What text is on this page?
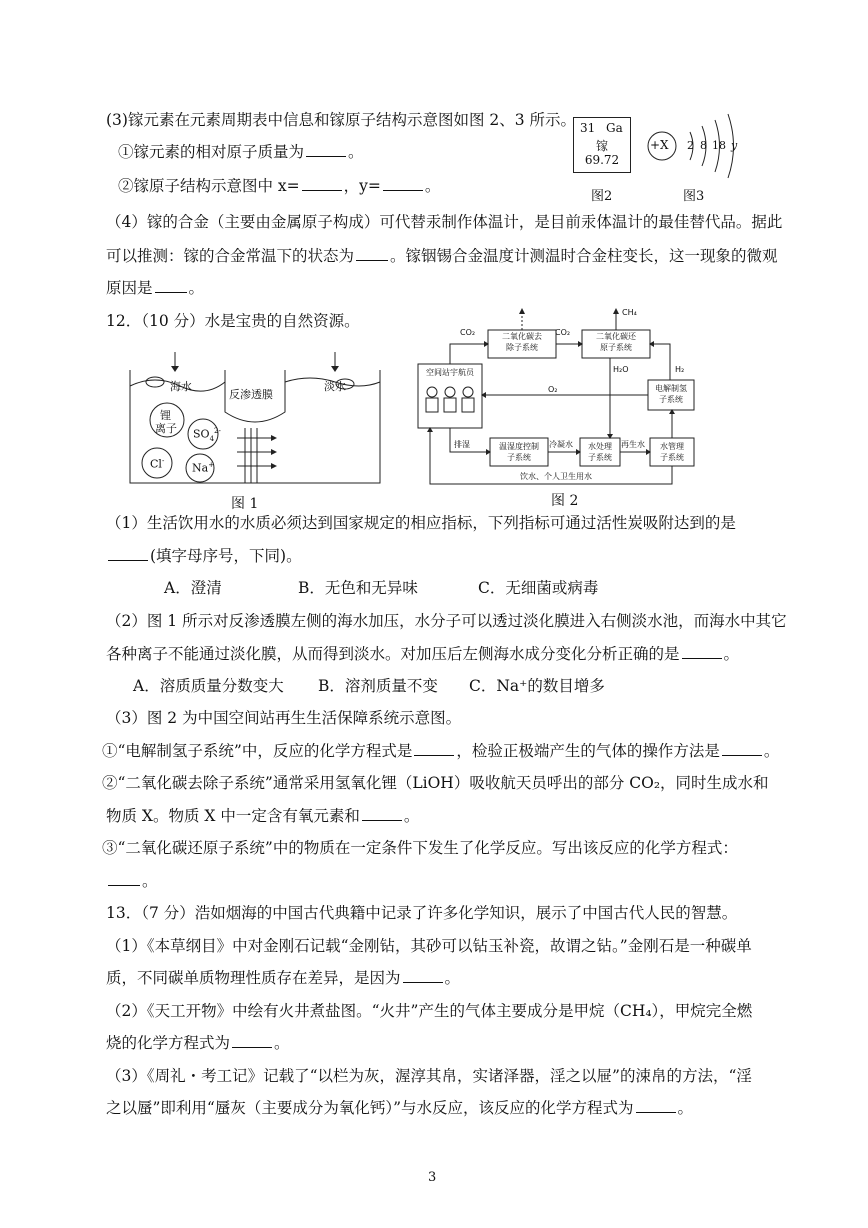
(3)镓元素在元素周期表中信息和镓原子结构示意图如图 2、3 所示。
①镓元素的相对原子质量为	。
②镓原子结构示意图中 x=	，y=	。
31 Ga
镓
69.72
图2
+X 2 8 18 y
图3
（4）镓的合金（主要由金属原子构成）可代替汞制作体温计，是目前汞体温计的最佳替代品。据此
可以推测：镓的合金常温下的状态为 。镓铟锡合金温度计测温时合金柱变长，这一现象的微观
原因是 。
12．（10 分）水是宝贵的自然资源。
海水
反渗透膜
淡水
锂
离子 $SO_4^{2-}$
Cl-
Na+
图 1
CO₂	CO₂
CH₄
二氧化碳去
除子系统
二氧化碳还
原子系统
空间站宇航员
O₂
H₂O	H₂
电解制氢
子系统
排湿	温湿度控制
子系统
冷凝水	水处理
子系统
再生水	水管理
子系统
饮水、个人卫生用水
图 2
（1）生活饮用水的水质必须达到国家规定的相应指标，下列指标可通过活性炭吸附达到的是
(填字母序号，下同)。
A．澄清	B．无色和无异味	C．无细菌或病毒
（2）图 1 所示对反渗透膜左侧的海水加压，水分子可以透过淡化膜进入右侧淡水池，而海水中其它
各种离子不能通过淡化膜，从而得到淡水。对加压后左侧海水成分变化分析正确的是	。
A．溶质质量分数变大 B．溶剂质量不变 C．Na⁺的数目增多
（3）图 2 为中国空间站再生生活保障系统示意图。
①“电解制氢子系统”中，反应的化学方程式是	，检验正极端产生的气体的操作方法是	。
②“二氧化碳去除子系统”通常采用氢氧化锂（LiOH）吸收航天员呼出的部分 CO₂，同时生成水和
物质 X。物质 X 中一定含有氧元素和	。
③“二氧化碳还原子系统”中的物质在一定条件下发生了化学反应。写出该反应的化学方程式：
。
13．（7 分）浩如烟海的中国古代典籍中记录了许多化学知识，展示了中国古代人民的智慧。
（1）《本草纲目》中对金刚石记载“金刚钻，其砂可以钻玉补瓷，故谓之钻。”金刚石是一种碳单
质，不同碳单质物理性质存在差异，是因为	。
（2）《天工开物》中绘有火井煮盐图。“火井”产生的气体主要成分是甲烷（CH₄），甲烷完全燃
烧的化学方程式为	。
（3）《周礼・考工记》记载了“以栏为灰，渥淳其帛，实诸泽器，淫之以屉”的涑帛的方法，“淫
之以蜃”即利用“蜃灰（主要成分为氧化钙）”与水反应，该反应的化学方程式为	。
3
